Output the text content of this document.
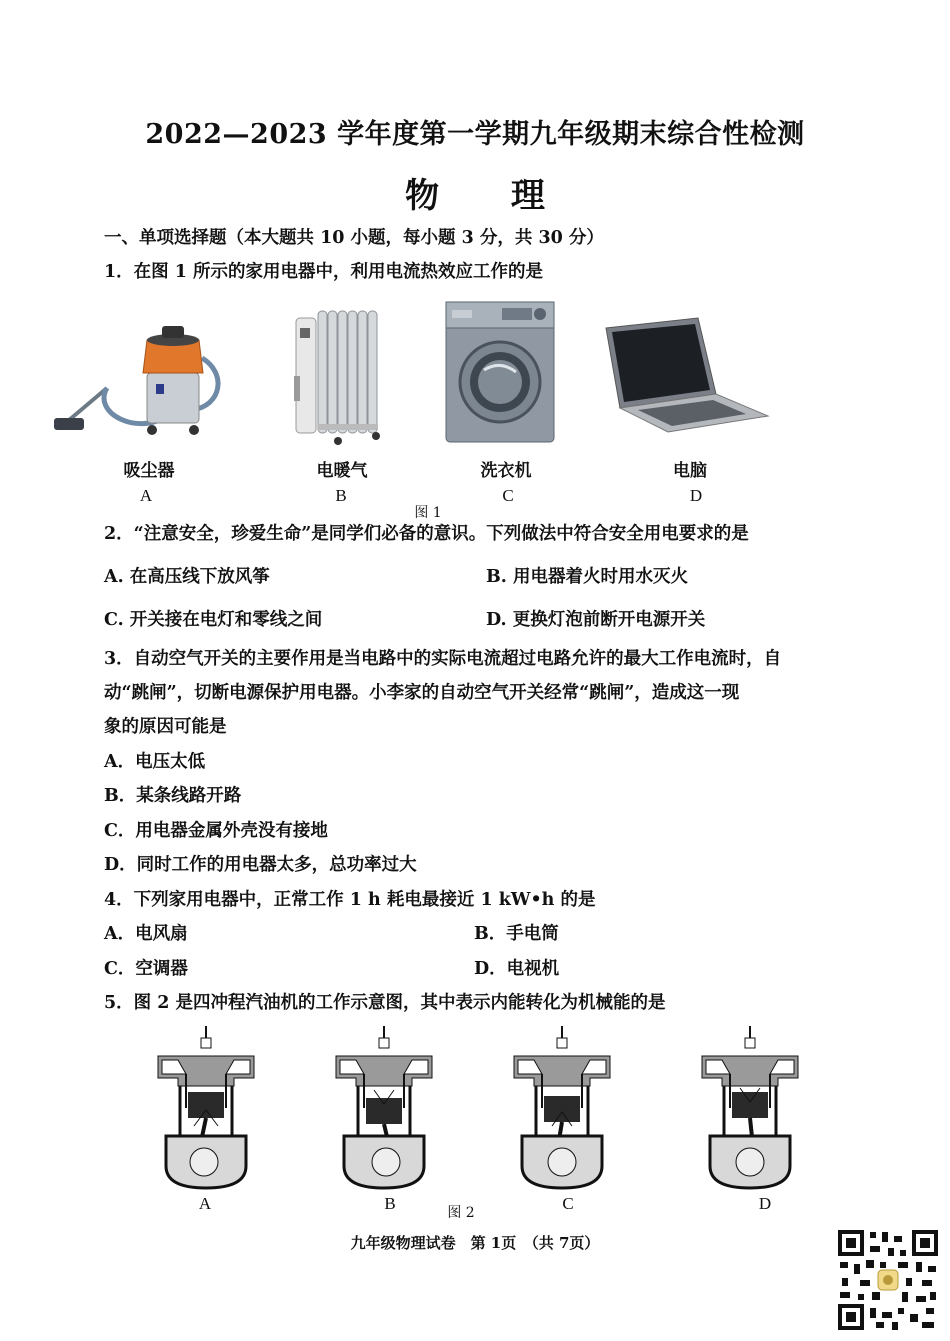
2022—2023 学年度第一学期九年级期末综合性检测
物 理
一、单项选择题（本大题共 10 小题，每小题 3 分，共 30 分）
1．在图 1 所示的家用电器中，利用电流热效应工作的是
吸尘器	电暖气	洗衣机	电脑
A	B	C	D
图 1
2．“注意安全，珍爱生命”是同学们必备的意识。下列做法中符合安全用电要求的是
A. 在高压线下放风筝	B. 用电器着火时用水灭火
C. 开关接在电灯和零线之间	D. 更换灯泡前断开电源开关
3．自动空气开关的主要作用是当电路中的实际电流超过电路允许的最大工作电流时，自
动“跳闸”，切断电源保护用电器。小李家的自动空气开关经常“跳闸”，造成这一现
象的原因可能是
A．电压太低
B．某条线路开路
C．用电器金属外壳没有接地
D．同时工作的用电器太多，总功率过大
4．下列家用电器中，正常工作 1 h 耗电最接近 1 kW•h 的是
A．电风扇	B．手电筒
C．空调器	D．电视机
5．图 2 是四冲程汽油机的工作示意图，其中表示内能转化为机械能的是
A	B	C	D
图 2
九年级物理试卷　第 1页　（共 7页）
